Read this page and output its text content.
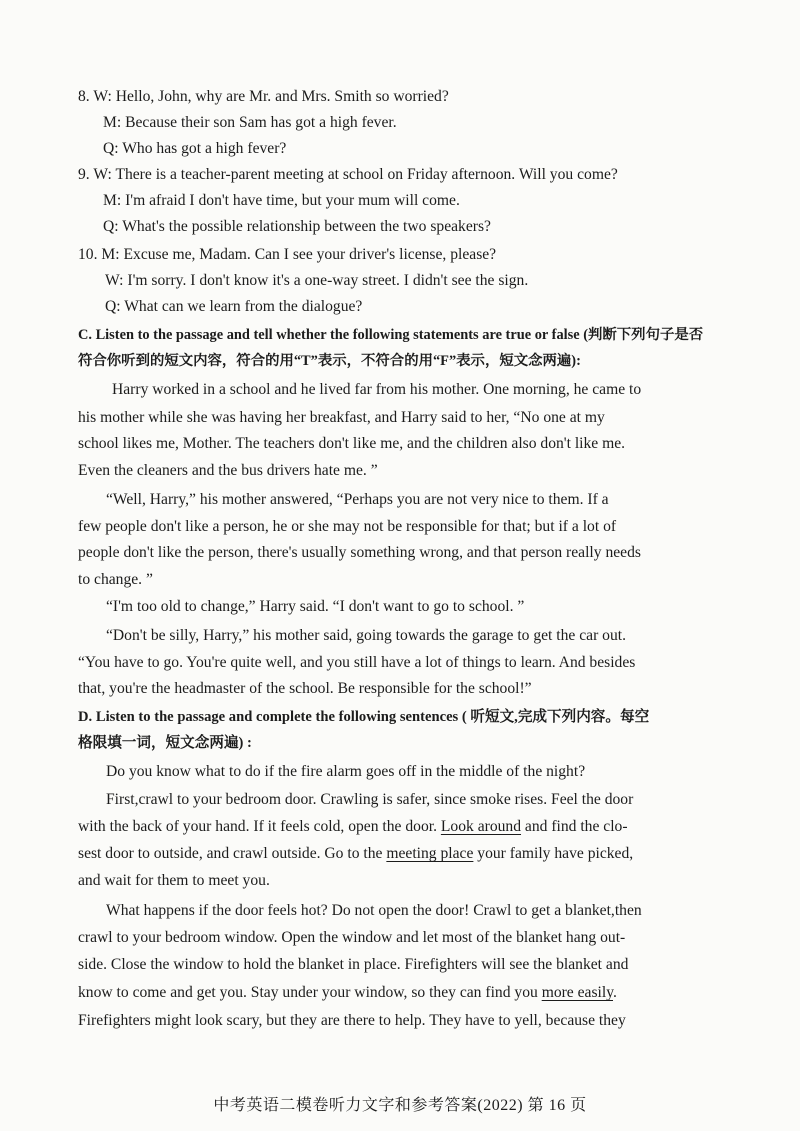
8. W: Hello, John, why are Mr. and Mrs. Smith so worried?
M: Because their son Sam has got a high fever.
Q: Who has got a high fever?
9. W: There is a teacher-parent meeting at school on Friday afternoon. Will you come?
M: I'm afraid I don't have time, but your mum will come.
Q: What's the possible relationship between the two speakers?
10. M: Excuse me, Madam. Can I see your driver's license, please?
W: I'm sorry. I don't know it's a one-way street. I didn't see the sign.
Q: What can we learn from the dialogue?
C. Listen to the passage and tell whether the following statements are true or false (判断下列句子是否
符合你听到的短文内容，符合的用“T”表示，不符合的用“F”表示，短文念两遍):
Harry worked in a school and he lived far from his mother. One morning, he came to
his mother while she was having her breakfast, and Harry said to her, “No one at my
school likes me, Mother. The teachers don't like me, and the children also don't like me.
Even the cleaners and the bus drivers hate me. ”
“Well, Harry,” his mother answered, “Perhaps you are not very nice to them. If a
few people don't like a person, he or she may not be responsible for that; but if a lot of
people don't like the person, there's usually something wrong, and that person really needs
to change. ”
“I'm too old to change,” Harry said. “I don't want to go to school. ”
“Don't be silly, Harry,” his mother said, going towards the garage to get the car out.
“You have to go. You're quite well, and you still have a lot of things to learn. And besides
that, you're the headmaster of the school. Be responsible for the school!”
D. Listen to the passage and complete the following sentences ( 听短文,完成下列内容。每空
格限填一词，短文念两遍) :
Do you know what to do if the fire alarm goes off in the middle of the night?
First,crawl to your bedroom door. Crawling is safer, since smoke rises. Feel the door
with the back of your hand. If it feels cold, open the door. Look around and find the clo-
sest door to outside, and crawl outside. Go to the meeting place your family have picked,
and wait for them to meet you.
What happens if the door feels hot? Do not open the door! Crawl to get a blanket,then
crawl to your bedroom window. Open the window and let most of the blanket hang out-
side. Close the window to hold the blanket in place. Firefighters will see the blanket and
know to come and get you. Stay under your window, so they can find you more easily.
Firefighters might look scary, but they are there to help. They have to yell, because they
中考英语二模卷听力文字和参考答案(2022) 第 16 页
